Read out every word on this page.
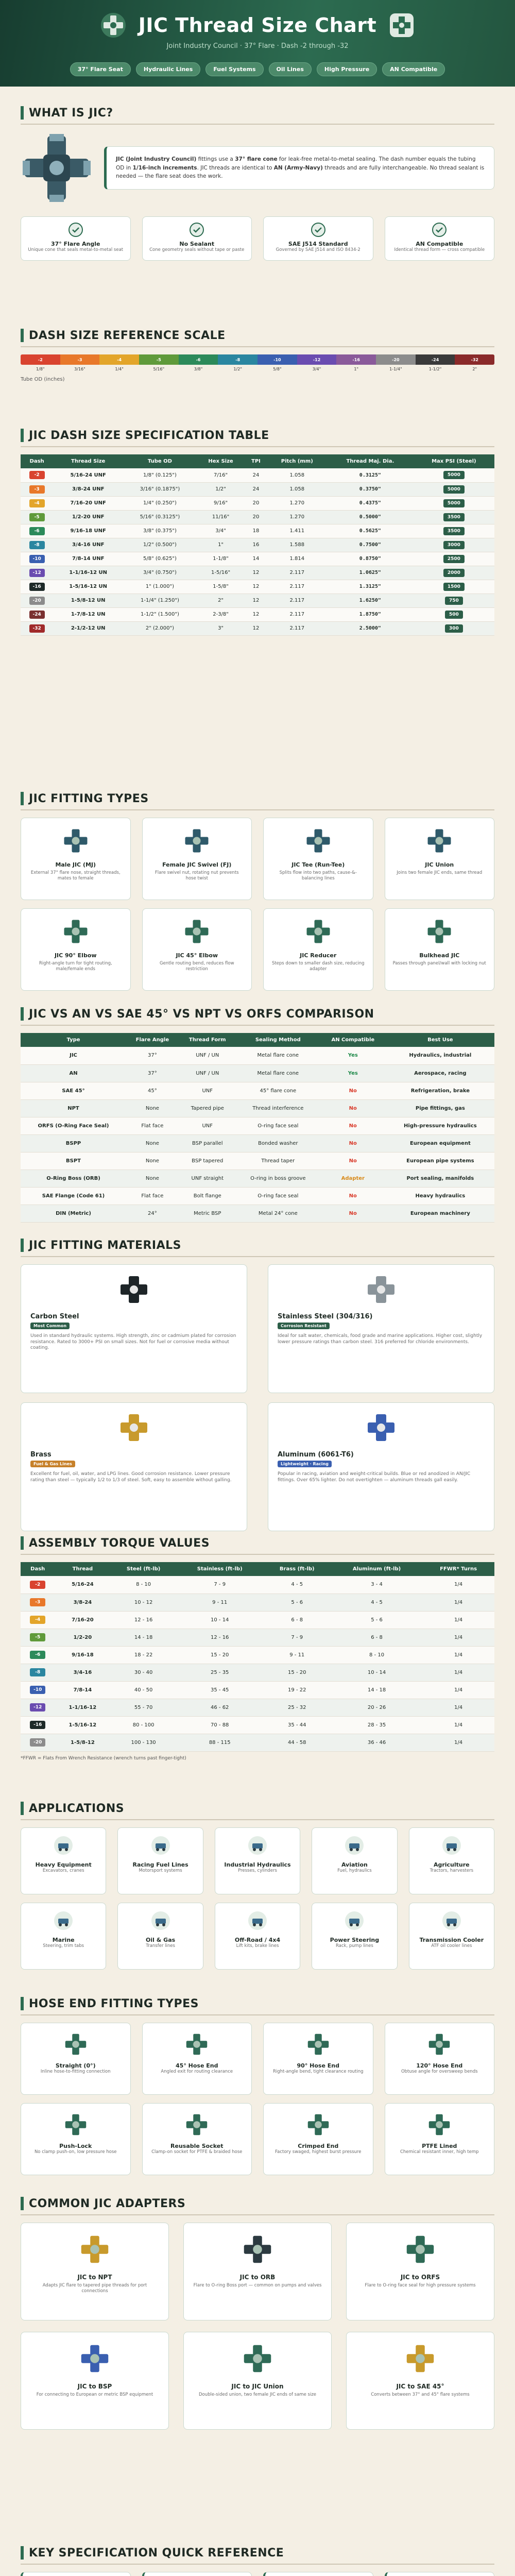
JIC Thread Size Chart
Joint Industry Council · 37° Flare · Dash -2 through -32
37° Flare Seat	Hydraulic Lines	Fuel Systems	Oil Lines	High Pressure	AN Compatible
WHAT IS JIC?
JIC (Joint Industry Council) fittings use a 37° flare cone for leak-free metal-to-metal sealing. The dash number equals the tubing OD in 1/16-inch increments. JIC threads are identical to AN (Army-Navy) threads and are fully interchangeable. No thread sealant is needed — the flare seat does the work.
37° Flare Angle
Unique cone that seals metal-to-metal seat
No Sealant
Cone geometry seals without tape or paste
SAE J514 Standard
Governed by SAE J514 and ISO 8434-2
AN Compatible
Identical thread form — cross compatible
DASH SIZE REFERENCE SCALE
-2	-3	-4	-5	-6	-8	-10	-12	-16	-20	-24	-32
1/8"	3/16"	1/4"	5/16"	3/8"	1/2"	5/8"	3/4"	1"	1-1/4"	1-1/2"	2"
Tube OD (inches)
JIC DASH SIZE SPECIFICATION TABLE
Dash	Thread Size	Tube OD	Hex Size	TPI	Pitch (mm)	Thread Maj. Dia.	Max PSI (Steel)
-2	5/16-24 UNF	1/8" (0.125")	7/16"	24	1.058	0.3125"	5000
-3	3/8-24 UNF	3/16" (0.1875")	1/2"	24	1.058	0.3750"	5000
-4	7/16-20 UNF	1/4" (0.250")	9/16"	20	1.270	0.4375"	5000
-5	1/2-20 UNF	5/16" (0.3125")	11/16"	20	1.270	0.5000"	3500
-6	9/16-18 UNF	3/8" (0.375")	3/4"	18	1.411	0.5625"	3500
-8	3/4-16 UNF	1/2" (0.500")	1"	16	1.588	0.7500"	3000
-10	7/8-14 UNF	5/8" (0.625")	1-1/8"	14	1.814	0.8750"	2500
-12	1-1/16-12 UN	3/4" (0.750")	1-5/16"	12	2.117	1.0625"	2000
-16	1-5/16-12 UN	1" (1.000")	1-5/8"	12	2.117	1.3125"	1500
-20	1-5/8-12 UN	1-1/4" (1.250")	2"	12	2.117	1.6250"	750
-24	1-7/8-12 UN	1-1/2" (1.500")	2-3/8"	12	2.117	1.8750"	500
-32	2-1/2-12 UN	2" (2.000")	3"	12	2.117	2.5000"	300
JIC FITTING TYPES
Male JIC (MJ)
External 37° flare nose, straight threads, mates to female
Female JIC Swivel (FJ)
Flare swivel nut, rotating nut prevents hose twist
JIC Tee (Run-Tee)
Splits flow into two paths, cause-&-balancing lines
JIC Union
Joins two female JIC ends, same thread
JIC 90° Elbow
Right-angle turn for tight routing, male/female ends
JIC 45° Elbow
Gentle routing bend, reduces flow restriction
JIC Reducer
Steps down to smaller dash size, reducing adapter
Bulkhead JIC
Passes through panel/wall with locking nut
JIC VS AN VS SAE 45° VS NPT VS ORFS COMPARISON
Type	Flare Angle	Thread Form	Sealing Method	AN Compatible	Best Use
JIC	37°	UNF / UN	Metal flare cone	Yes	Hydraulics, industrial
AN	37°	UNF / UN	Metal flare cone	Yes	Aerospace, racing
SAE 45°	45°	UNF	45° flare cone	No	Refrigeration, brake
NPT	None	Tapered pipe	Thread interference	No	Pipe fittings, gas
ORFS (O-Ring Face Seal)	Flat face	UNF	O-ring face seal	No	High-pressure hydraulics
BSPP	None	BSP parallel	Bonded washer	No	European equipment
BSPT	None	BSP tapered	Thread taper	No	European pipe systems
O-Ring Boss (ORB)	None	UNF straight	O-ring in boss groove	Adapter	Port sealing, manifolds
SAE Flange (Code 61)	Flat face	Bolt flange	O-ring face seal	No	Heavy hydraulics
DIN (Metric)	24°	Metric BSP	Metal 24° cone	No	European machinery
JIC FITTING MATERIALS
Carbon Steel
Most Common
Used in standard hydraulic systems. High strength, zinc or cadmium plated for corrosion resistance. Rated to 3000+ PSI on small sizes. Not for fuel or corrosive media without coating.
Stainless Steel (304/316)
Corrosion Resistant
Ideal for salt water, chemicals, food grade and marine applications. Higher cost, slightly lower pressure ratings than carbon steel. 316 preferred for chloride environments.
Brass
Fuel & Gas Lines
Excellent for fuel, oil, water, and LPG lines. Good corrosion resistance. Lower pressure rating than steel — typically 1/2 to 1/3 of steel. Soft, easy to assemble without galling.
Aluminum (6061-T6)
Lightweight · Racing
Popular in racing, aviation and weight-critical builds. Blue or red anodized in AN/JIC fittings. Over 65% lighter. Do not overtighten — aluminum threads gall easily.
ASSEMBLY TORQUE VALUES
Dash	Thread	Steel (ft-lb)	Stainless (ft-lb)	Brass (ft-lb)	Aluminum (ft-lb)	FFWR* Turns
-2	5/16-24	8 - 10	7 - 9	4 - 5	3 - 4	1/4
-3	3/8-24	10 - 12	9 - 11	5 - 6	4 - 5	1/4
-4	7/16-20	12 - 16	10 - 14	6 - 8	5 - 6	1/4
-5	1/2-20	14 - 18	12 - 16	7 - 9	6 - 8	1/4
-6	9/16-18	18 - 22	15 - 20	9 - 11	8 - 10	1/4
-8	3/4-16	30 - 40	25 - 35	15 - 20	10 - 14	1/4
-10	7/8-14	40 - 50	35 - 45	19 - 22	14 - 18	1/4
-12	1-1/16-12	55 - 70	46 - 62	25 - 32	20 - 26	1/4
-16	1-5/16-12	80 - 100	70 - 88	35 - 44	28 - 35	1/4
-20	1-5/8-12	100 - 130	88 - 115	44 - 58	36 - 46	1/4
*FFWR = Flats From Wrench Resistance (wrench turns past finger-tight)
APPLICATIONS
Heavy Equipment
Excavators, cranes
Racing Fuel Lines
Motorsport systems
Industrial Hydraulics
Presses, cylinders
Aviation
Fuel, hydraulics
Agriculture
Tractors, harvesters
Marine
Steering, trim tabs
Oil & Gas
Transfer lines
Off-Road / 4x4
Lift kits, brake lines
Power Steering
Rack, pump lines
Transmission Cooler
ATF oil cooler lines
HOSE END FITTING TYPES
Straight (0°)
Inline hose-to-fitting connection
45° Hose End
Angled exit for routing clearance
90° Hose End
Right-angle bend, tight clearance routing
120° Hose End
Obtuse angle for oversweep bends
Push-Lock
No clamp push-on, low pressure hose
Reusable Socket
Clamp-on socket for PTFE & braided hose
Crimped End
Factory swaged, highest burst pressure
PTFE Lined
Chemical resistant inner, high temp
COMMON JIC ADAPTERS
JIC to NPT
Adapts JIC flare to tapered pipe threads for port connections
JIC to ORB
Flare to O-ring Boss port — common on pumps and valves
JIC to ORFS
Flare to O-ring face seal for high pressure systems
JIC to BSP
For connecting to European or metric BSP equipment
JIC to JIC Union
Double-sided union, two female JIC ends of same size
JIC to SAE 45°
Converts between 37° and 45° flare systems
KEY SPECIFICATION QUICK REFERENCE
